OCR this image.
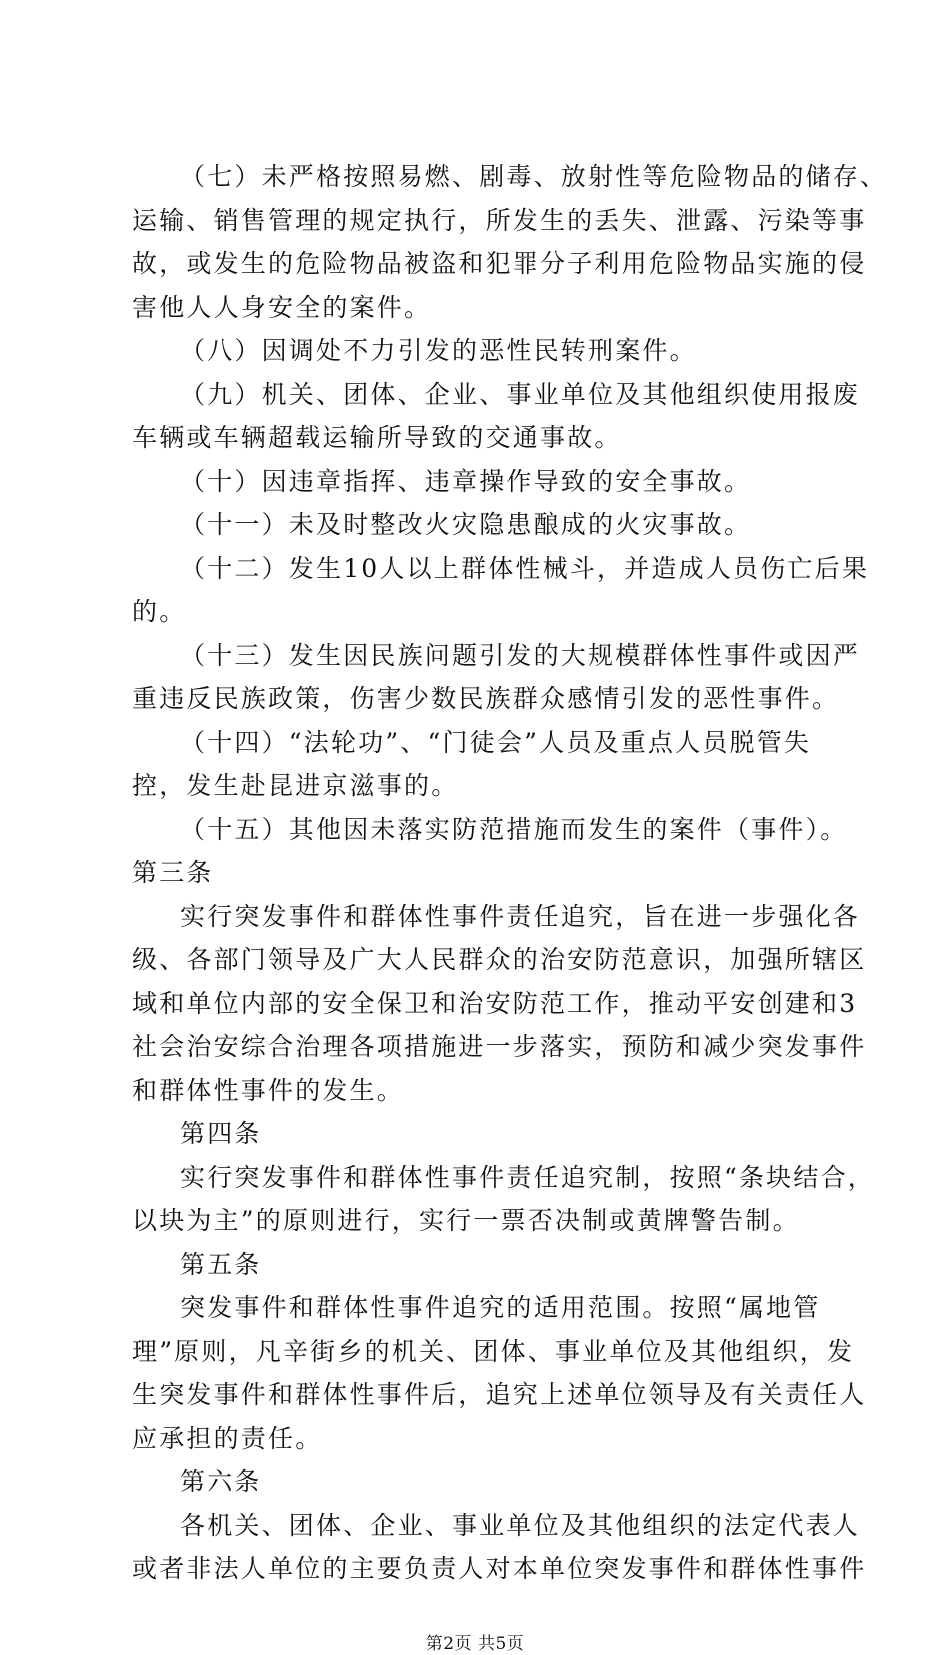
（七）未严格按照易燃、剧毒、放射性等危险物品的储存、
运输、销售管理的规定执行，所发生的丢失、泄露、污染等事
故，或发生的危险物品被盗和犯罪分子利用危险物品实施的侵
害他人人身安全的案件。
（八）因调处不力引发的恶性民转刑案件。
（九）机关、团体、企业、事业单位及其他组织使用报废
车辆或车辆超载运输所导致的交通事故。
（十）因违章指挥、违章操作导致的安全事故。
（十一）未及时整改火灾隐患酿成的火灾事故。
（十二）发生10人以上群体性械斗，并造成人员伤亡后果
的。
（十三）发生因民族问题引发的大规模群体性事件或因严
重违反民族政策，伤害少数民族群众感情引发的恶性事件。
（十四）“法轮功”、“门徒会”人员及重点人员脱管失
控，发生赴昆进京滋事的。
（十五）其他因未落实防范措施而发生的案件（事件）。
第三条
实行突发事件和群体性事件责任追究，旨在进一步强化各
级、各部门领导及广大人民群众的治安防范意识，加强所辖区
域和单位内部的安全保卫和治安防范工作，推动平安创建和3
社会治安综合治理各项措施进一步落实，预防和减少突发事件
和群体性事件的发生。
第四条
实行突发事件和群体性事件责任追究制，按照“条块结合，
以块为主”的原则进行，实行一票否决制或黄牌警告制。
第五条
突发事件和群体性事件追究的适用范围。按照“属地管
理”原则，凡辛街乡的机关、团体、事业单位及其他组织，发
生突发事件和群体性事件后，追究上述单位领导及有关责任人
应承担的责任。
第六条
各机关、团体、企业、事业单位及其他组织的法定代表人
或者非法人单位的主要负责人对本单位突发事件和群体性事件
第2页 共5页
